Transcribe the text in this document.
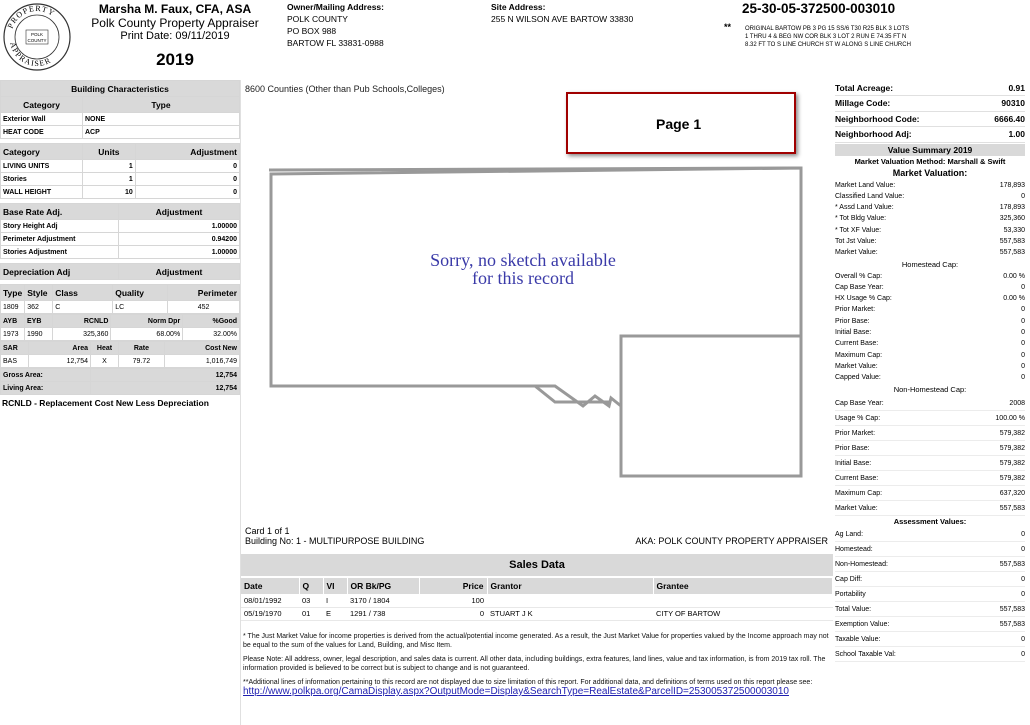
PROPERTY
APPRAISER
POLK
COUNTY
Marsha M. Faux, CFA, ASA
Polk County Property Appraiser
Print Date: 09/11/2019
2019
Owner/Mailing Address:
POLK COUNTY
PO BOX 988
BARTOW FL 33831-0988
Site Address:
255 N WILSON AVE BARTOW 33830
25-30-05-372500-003010
** ORIGINAL BARTOW PB 3 PG 15 SS/6 T30 R25 BLK 3 LOTS
1 THRU 4 & BEG NW COR BLK 3 LOT 2 RUN E 74.35 FT N
8.32 FT TO S LINE CHURCH ST W ALONG S LINE CHURCH
Building Characteristics	
Category	Type
Exterior Wall	NONE
HEAT CODE	ACP
Category	Units	Adjustment
LIVING UNITS	1	0
Stories	1	0
WALL HEIGHT	10	0
Base Rate Adj.	Adjustment
Story Height Adj	1.00000
Perimeter Adjustment	0.94200
Stories Adjustment	1.00000
Depreciation Adj	Adjustment
Type	Style	Class	Quality	Perimeter
1809	362	C	LC	452
AYB	EYB	RCNLD	Norm Dpr	%Good
1973	1990	325,360	68.00%	32.00%
SAR	Area	Heat	Rate	Cost New
BAS	12,754	X	79.72	1,016,749
Gross Area:	12,754
Living Area:	12,754
RCNLD - Replacement Cost New Less Depreciation
8600 Counties (Other than Pub Schools,Colleges)
Page 1
Sorry, no sketch available
for this record
Card 1 of 1
Building No: 1 - MULTIPURPOSE BUILDING	AKA: POLK COUNTY PROPERTY APPRAISER
Sales Data
Date	Q	VI	OR Bk/PG	Price	Grantor	Grantee
08/01/1992	03	I	3170 / 1804	100		
05/19/1970	01	E	1291 / 738	0	STUART J K	CITY OF BARTOW

* The Just Market Value for income properties is derived from the actual/potential income generated. As a result, the Just Market Value for properties valued by the Income approach may not be equal to the sum of the values for Land, Building, and Misc Item.

Please Note: All address, owner, legal description, and sales data is current. All other data, including buildings, extra features, land lines, value and tax information, is from 2019 tax roll. The information provided is believed to be correct but is subject to change and is not guaranteed.

**Additional lines of information pertaining to this record are not displayed due to size limitation of this report. For additional data, and definitions of terms used on this report please see:

http://www.polkpa.org/CamaDisplay.aspx?OutputMode=Display&SearchType=RealEstate&ParcelID=253005372500003010
Total Acreage:	0.91
Millage Code:	90310
Neighborhood Code:	6666.40
Neighborhood Adj:	1.00
Value Summary 2019
Market Valuation Method: Marshall & Swift
Market Valuation:
Market Land Value:	178,893
Classified Land Value:	0
* Assd Land Value:	178,893
* Tot Bldg Value:	325,360
* Tot XF Value:	53,330
Tot Jst Value:	557,583
Market Value:	557,583
Homestead Cap:
Overall % Cap:	0.00 %
Cap Base Year:	0
HX Usage % Cap:	0.00 %
Prior Market:	0
Prior Base:	0
Initial Base:	0
Current Base:	0
Maximum Cap:	0
Market Value:	0
Capped Value:	0
Non-Homestead Cap:
Cap Base Year:	2008
Usage % Cap:	100.00 %
Prior Market:	579,382
Prior Base:	579,382
Initial Base:	579,382
Current Base:	579,382
Maximum Cap:	637,320
Market Value:	557,583
Assessment Values:
Ag Land:	0
Homestead:	0
Non-Homestead:	557,583
Cap Diff:	0
Portability	0
Total Value:	557,583
Exemption Value:	557,583
Taxable Value:	0
School Taxable Val:	0
